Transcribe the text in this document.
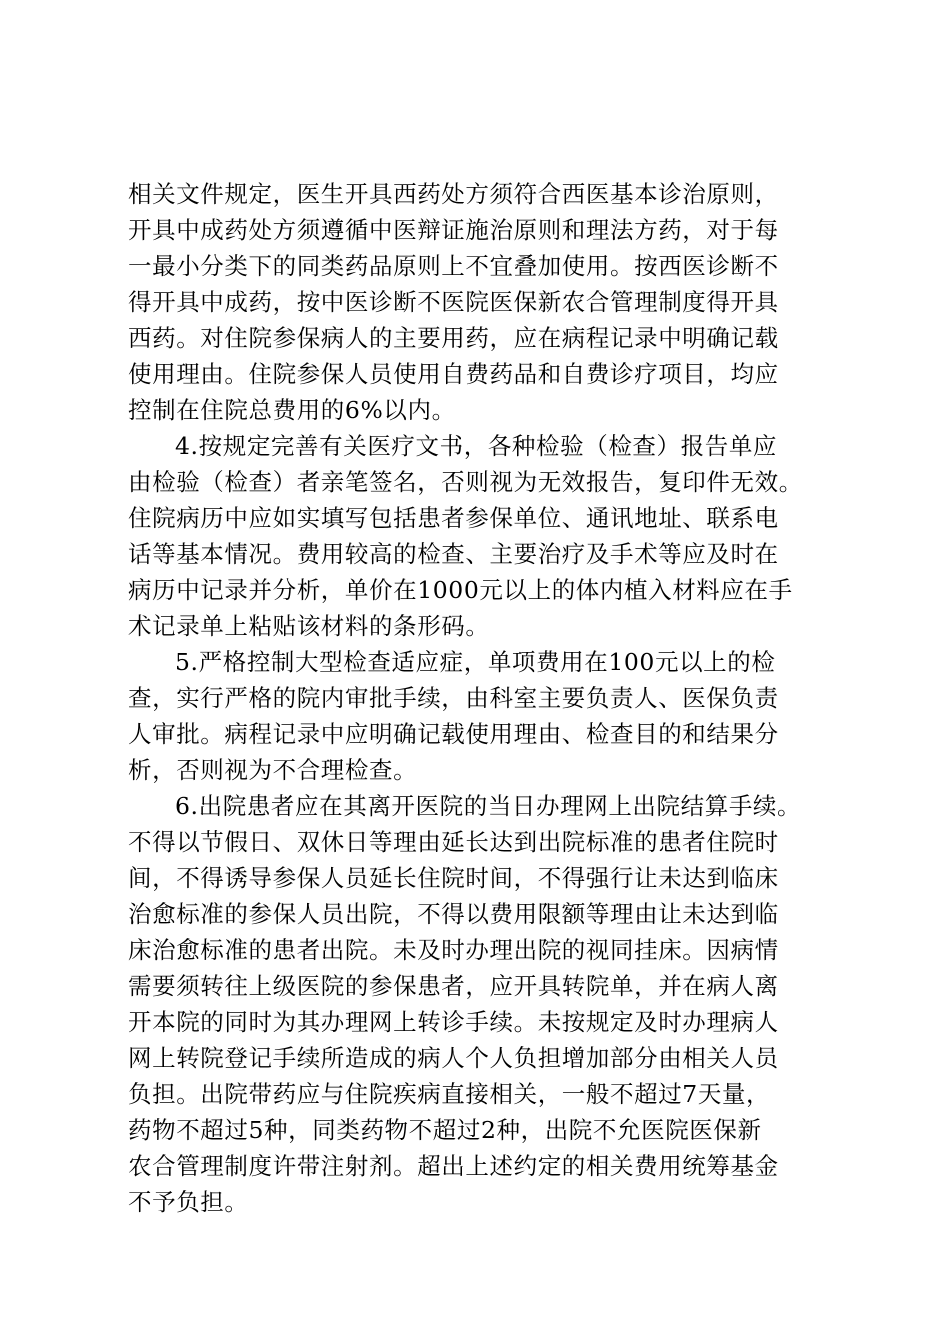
相关文件规定，医生开具西药处方须符合西医基本诊治原则，
开具中成药处方须遵循中医辩证施治原则和理法方药，对于每
一最小分类下的同类药品原则上不宜叠加使用。按西医诊断不
得开具中成药，按中医诊断不医院医保新农合管理制度得开具
西药。对住院参保病人的主要用药，应在病程记录中明确记载
使用理由。住院参保人员使用自费药品和自费诊疗项目，均应
控制在住院总费用的6%以内。
4.按规定完善有关医疗文书，各种检验（检查）报告单应
由检验（检查）者亲笔签名，否则视为无效报告，复印件无效。
住院病历中应如实填写包括患者参保单位、通讯地址、联系电
话等基本情况。费用较高的检查、主要治疗及手术等应及时在
病历中记录并分析，单价在1000元以上的体内植入材料应在手
术记录单上粘贴该材料的条形码。
5.严格控制大型检查适应症，单项费用在100元以上的检
查，实行严格的院内审批手续，由科室主要负责人、医保负责
人审批。病程记录中应明确记载使用理由、检查目的和结果分
析，否则视为不合理检查。
6.出院患者应在其离开医院的当日办理网上出院结算手续。
不得以节假日、双休日等理由延长达到出院标准的患者住院时
间，不得诱导参保人员延长住院时间，不得强行让未达到临床
治愈标准的参保人员出院，不得以费用限额等理由让未达到临
床治愈标准的患者出院。未及时办理出院的视同挂床。因病情
需要须转往上级医院的参保患者，应开具转院单，并在病人离
开本院的同时为其办理网上转诊手续。未按规定及时办理病人
网上转院登记手续所造成的病人个人负担增加部分由相关人员
负担。出院带药应与住院疾病直接相关，一般不超过7天量，
药物不超过5种，同类药物不超过2种，出院不允医院医保新
农合管理制度许带注射剂。超出上述约定的相关费用统筹基金
不予负担。
